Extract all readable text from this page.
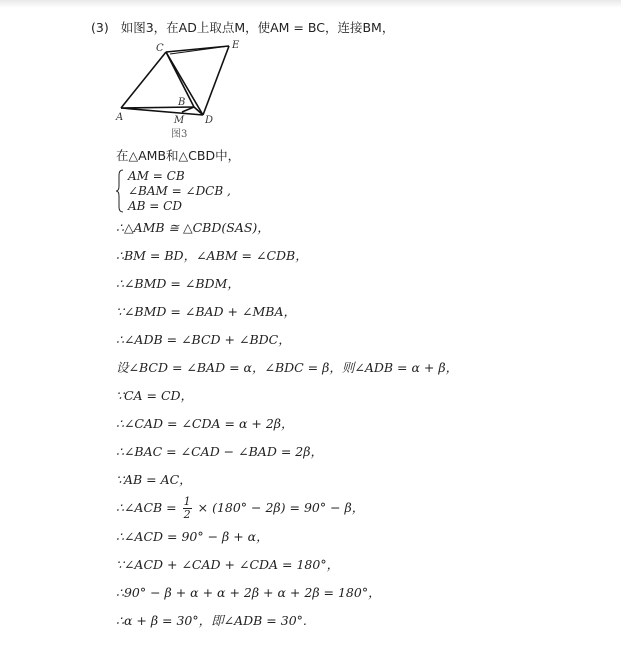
(3) 如图3，在AD上取点M，使AM = BC，连接BM，
C	E
A
B
M D
图3
在△AMB和△CBD中，
AM = CB
∠BAM = ∠DCB ,
AB = CD
∴△AMB ≅ △CBD(SAS)，
∴BM = BD，∠ABM = ∠CDB，
∴∠BMD = ∠BDM，
∵∠BMD = ∠BAD + ∠MBA，
∴∠ADB = ∠BCD + ∠BDC，
设∠BCD = ∠BAD = α，∠BDC = β，则∠ADB = α + β，
∵CA = CD，
∴∠CAD = ∠CDA = α + 2β，
∴∠BAC = ∠CAD − ∠BAD = 2β，
∵AB = AC，
∴∠ACB = $\frac{1}{2} \times (180^\circ - 2\beta) = 90^\circ - \beta$，
∴∠ACD = 90° − β + α，
∵∠ACD + ∠CAD + ∠CDA = 180°，
∴90° − β + α + α + 2β + α + 2β = 180°，
∴α + β = 30°，即∠ADB = 30°.
